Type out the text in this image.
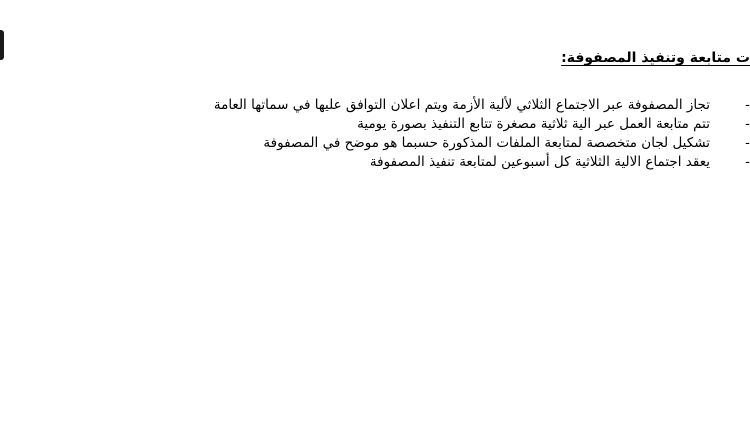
ت متابعة وتنفيذ المصفوفة:
-
-
-
-
تجاز المصفوفة عبر الاجتماع الثلاثي لألية الأزمة ويتم اعلان التوافق عليها في سماتها العامة
تتم متابعة العمل عبر الية ثلاثية مصغرة تتابع التنفيذ بصورة يومية
تشكيل لجان متخصصة لمتابعة الملفات المذكورة حسبما هو موضح في المصفوفة
يعقد اجتماع الالية الثلاثية كل أسبوعين لمتابعة تنفيذ المصفوفة
